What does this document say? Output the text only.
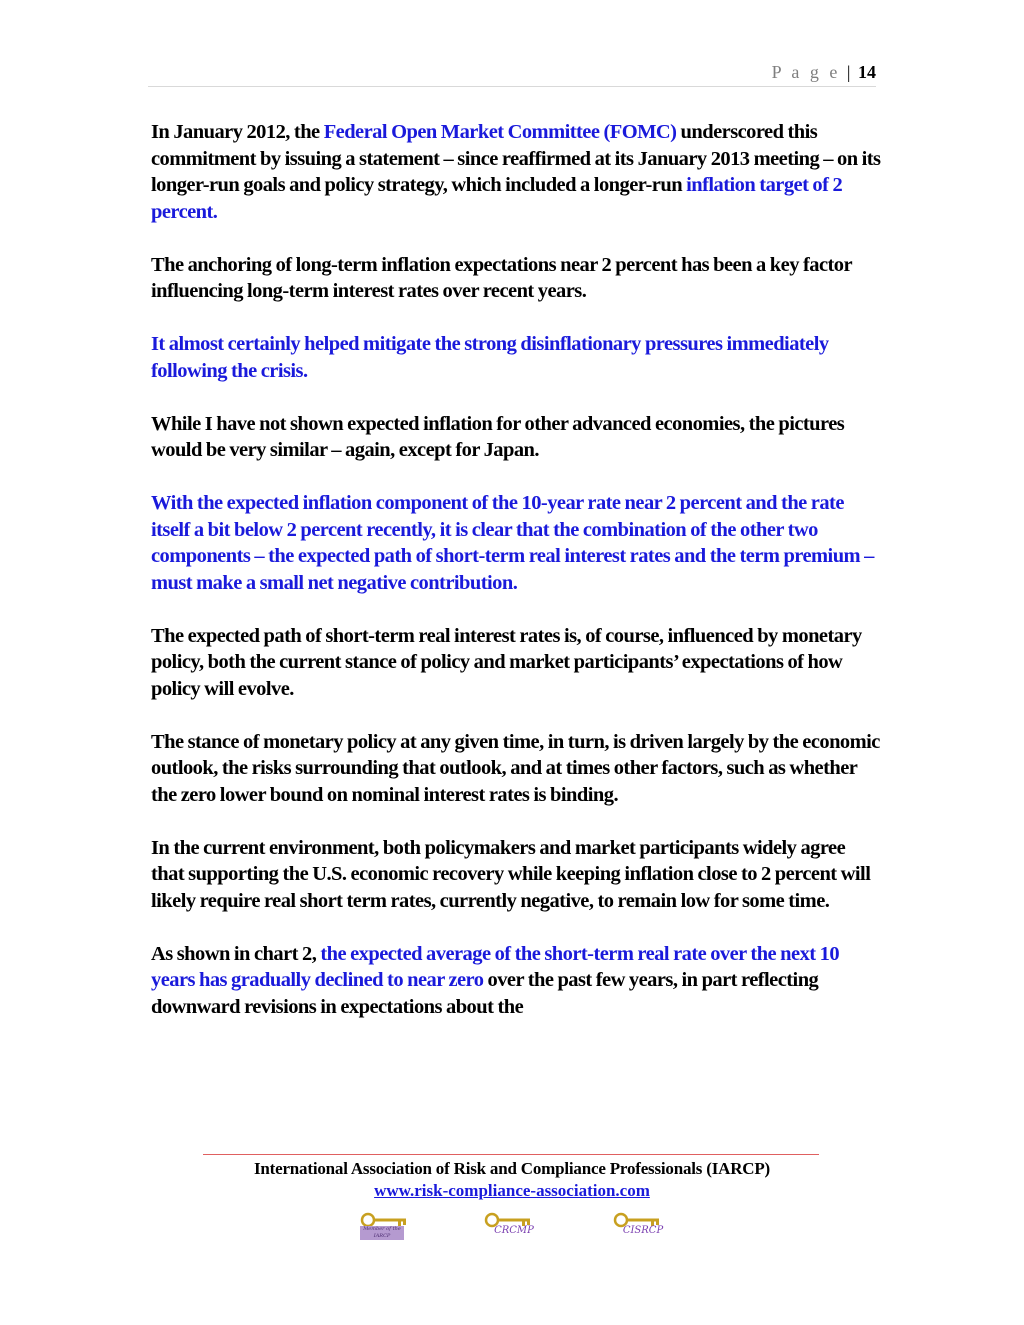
P a g e | 14

In January 2012, the Federal Open Market Committee (FOMC) underscored this commitment by issuing a statement – since reaffirmed at its January 2013 meeting – on its longer-run goals and policy strategy, which included a longer-run inflation target of 2 percent.

The anchoring of long-term inflation expectations near 2 percent has been a key factor influencing long-term interest rates over recent years.

It almost certainly helped mitigate the strong disinflationary pressures immediately following the crisis.

While I have not shown expected inflation for other advanced economies, the pictures would be very similar – again, except for Japan.

With the expected inflation component of the 10-year rate near 2 percent and the rate itself a bit below 2 percent recently, it is clear that the combination of the other two components – the expected path of short-term real interest rates and the term premium – must make a small net negative contribution.

The expected path of short-term real interest rates is, of course, influenced by monetary policy, both the current stance of policy and market participants’ expectations of how policy will evolve.

The stance of monetary policy at any given time, in turn, is driven largely by the economic outlook, the risks surrounding that outlook, and at times other factors, such as whether the zero lower bound on nominal interest rates is binding.

In the current environment, both policymakers and market participants widely agree that supporting the U.S. economic recovery while keeping inflation close to 2 percent will likely require real short term rates, currently negative, to remain low for some time.

As shown in chart 2, the expected average of the short-term real rate over the next 10 years has gradually declined to near zero over the past few years, in part reflecting downward revisions in expectations about the

International Association of Risk and Compliance Professionals (IARCP)
www.risk-compliance-association.com
Member of the IARCP	CRCMP	CISRCP
